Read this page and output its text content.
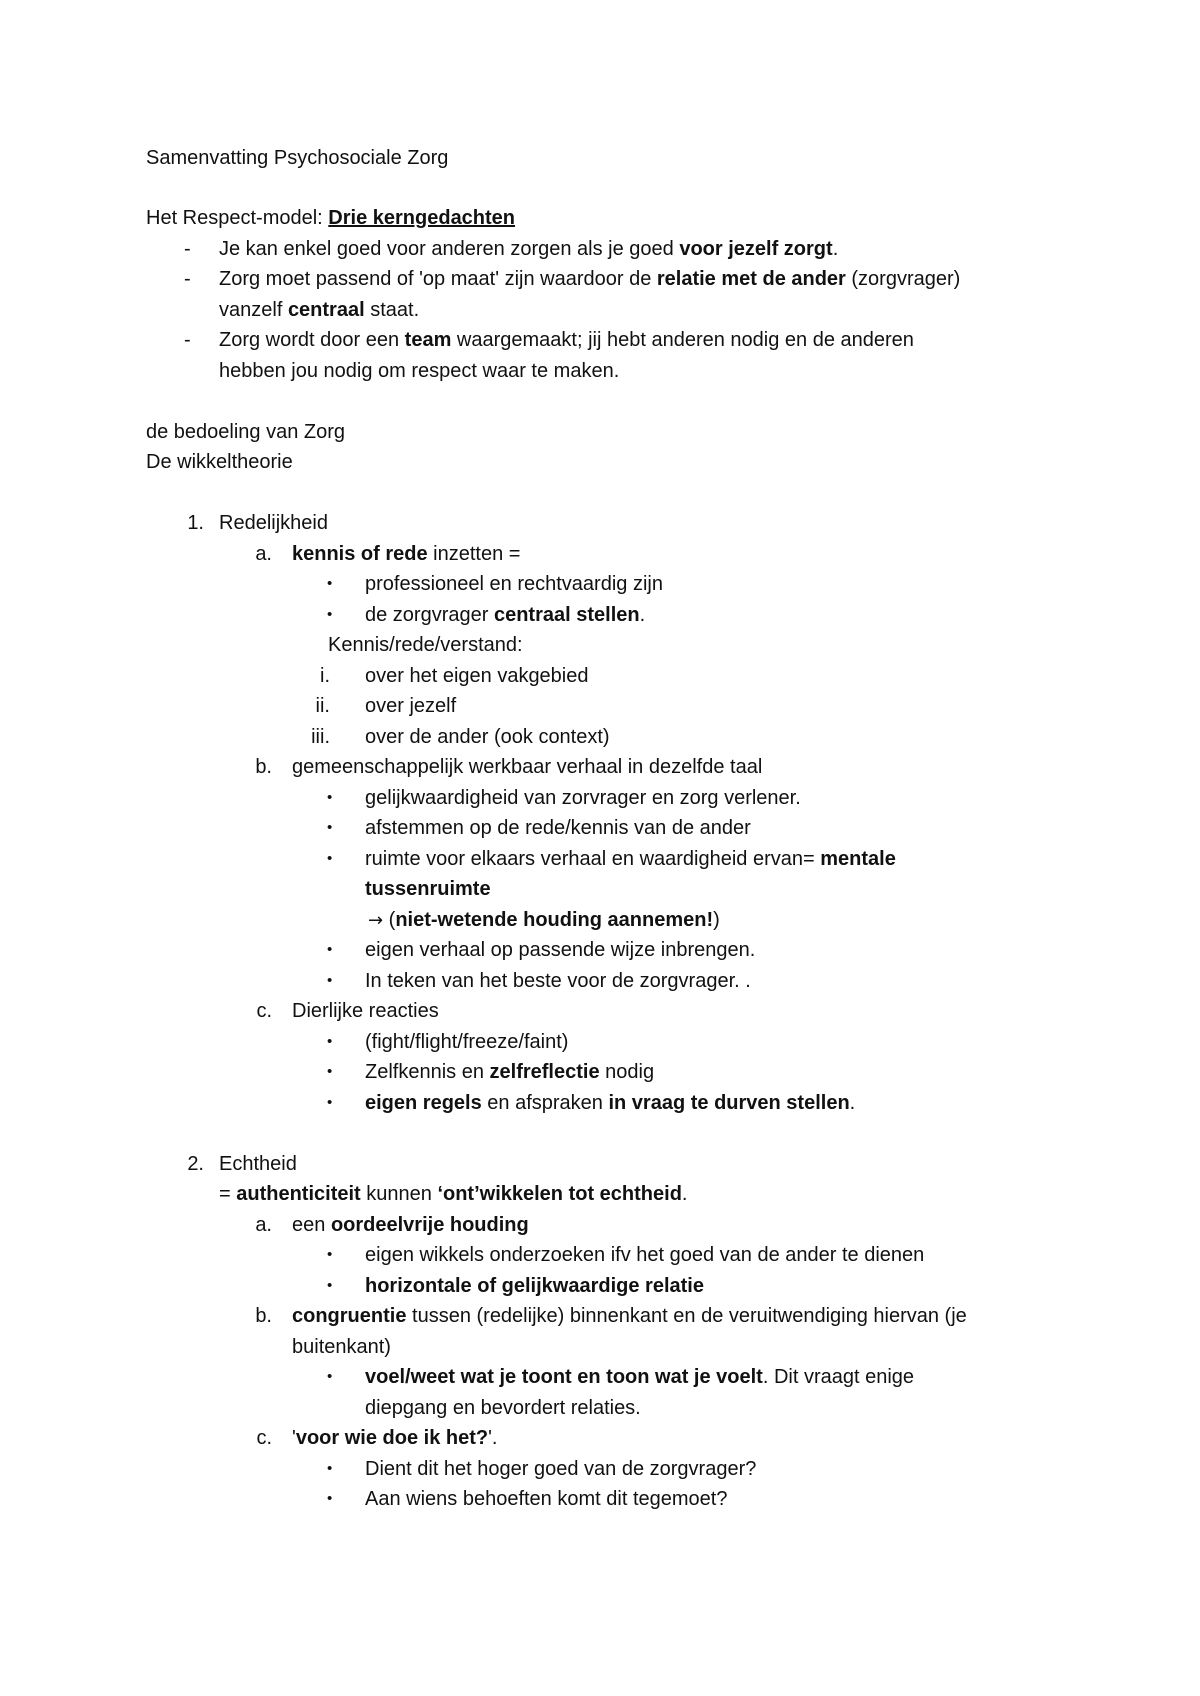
Samenvatting Psychosociale Zorg
Het Respect-model: Drie kerngedachten
- Je kan enkel goed voor anderen zorgen als je goed voor jezelf zorgt.
- Zorg moet passend of 'op maat' zijn waardoor de relatie met de ander (zorgvrager)
vanzelf centraal staat.
- Zorg wordt door een team waargemaakt; jij hebt anderen nodig en de anderen
hebben jou nodig om respect waar te maken.
de bedoeling van Zorg
De wikkeltheorie
1. Redelijkheid
a. kennis of rede inzetten =
• professioneel en rechtvaardig zijn
• de zorgvrager centraal stellen.
Kennis/rede/verstand:
i. over het eigen vakgebied
ii. over jezelf
iii. over de ander (ook context)
b. gemeenschappelijk werkbaar verhaal in dezelfde taal
• gelijkwaardigheid van zorvrager en zorg verlener.
• afstemmen op de rede/kennis van de ander
• ruimte voor elkaars verhaal en waardigheid ervan= mentale
tussenruimte
→ (niet-wetende houding aannemen!)
• eigen verhaal op passende wijze inbrengen.
• In teken van het beste voor de zorgvrager. .
c. Dierlijke reacties
• (fight/flight/freeze/faint)
• Zelfkennis en zelfreflectie nodig
• eigen regels en afspraken in vraag te durven stellen.
2. Echtheid
= authenticiteit kunnen ‘ont’wikkelen tot echtheid.
a. een oordeelvrije houding
• eigen wikkels onderzoeken ifv het goed van de ander te dienen
• horizontale of gelijkwaardige relatie
b. congruentie tussen (redelijke) binnenkant en de veruitwendiging hiervan (je
buitenkant)
• voel/weet wat je toont en toon wat je voelt. Dit vraagt enige
diepgang en bevordert relaties.
c. 'voor wie doe ik het?'.
• Dient dit het hoger goed van de zorgvrager?
• Aan wiens behoeften komt dit tegemoet?
